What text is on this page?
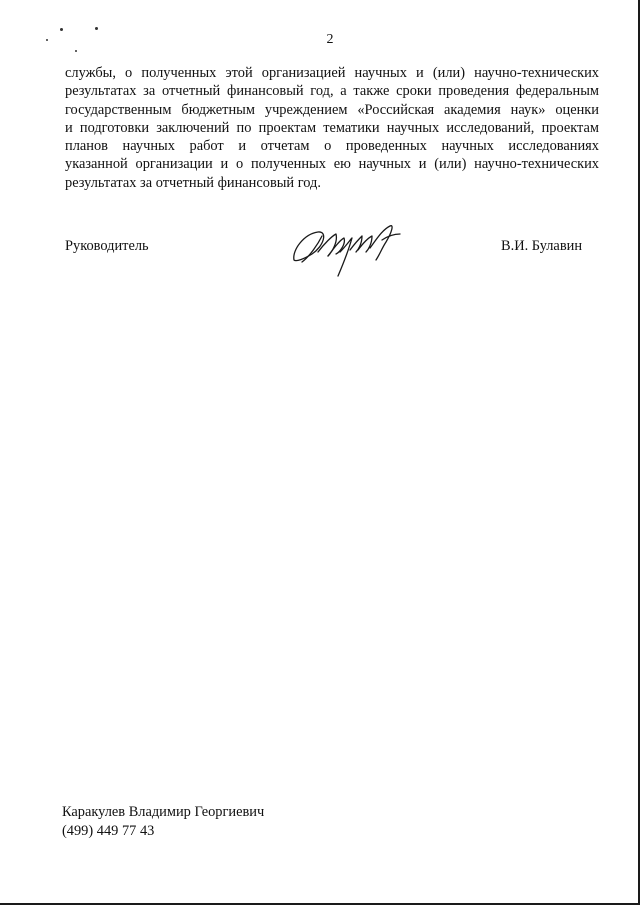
2
службы, о полученных этой организацией научных и (или) научно-технических
результатах за отчетный финансовый год, а также сроки проведения федеральным
государственным бюджетным учреждением «Российская академия наук» оценки
и подготовки заключений по проектам тематики научных исследований, проектам
планов научных работ и отчетам о проведенных научных исследованиях
указанной организации и о полученных ею научных и (или) научно-технических
результатах за отчетный финансовый год.
Руководитель	В.И. Булавин
Каракулев Владимир Георгиевич
(499) 449 77 43
